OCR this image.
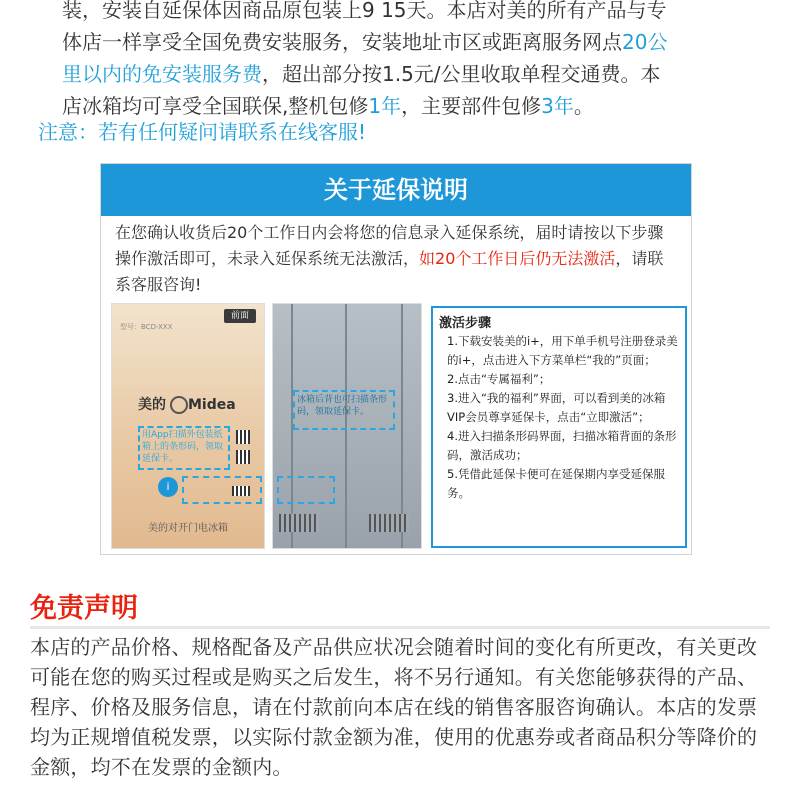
装，安装自延保体因商品原包装上9 15天。本店对美的所有产品与专
体店一样享受全国免费安装服务，安装地址市区或距离服务网点20公
里以内的免安装服务费，超出部分按1.5元/公里收取单程交通费。本
店冰箱均可享受全国联保,整机包修1年，主要部件包修3年。
注意：若有任何疑问请联系在线客服!
关于延保说明
在您确认收货后20个工作日内会将您的信息录入延保系统，届时请按以下步骤操作激活即可，未录入延保系统无法激活，如20个工作日后仍无法激活，请联系客服咨询!
型号：BCD-XXX
前面
美的 Midea
用App扫描外包装纸箱上的条形码，领取延保卡。
i
美的对开门电冰箱
冰箱后背也可扫描条形码，领取延保卡。
激活步骤
1.下载安装美的i+，用下单手机号注册登录美的i+，点击进入下方菜单栏“我的”页面；
2.点击“专属福利”；
3.进入“我的福利”界面，可以看到美的冰箱VIP会员尊享延保卡，点击“立即激活”；
4.进入扫描条形码界面，扫描冰箱背面的条形码，激活成功；
5.凭借此延保卡便可在延保期内享受延保服务。
免责声明
本店的产品价格、规格配备及产品供应状况会随着时间的变化有所更改，有关更改可能在您的购买过程或是购买之后发生，将不另行通知。有关您能够获得的产品、程序、价格及服务信息，请在付款前向本店在线的销售客服咨询确认。本店的发票均为正规增值税发票，以实际付款金额为准，使用的优惠券或者商品积分等降价的金额，均不在发票的金额内。
